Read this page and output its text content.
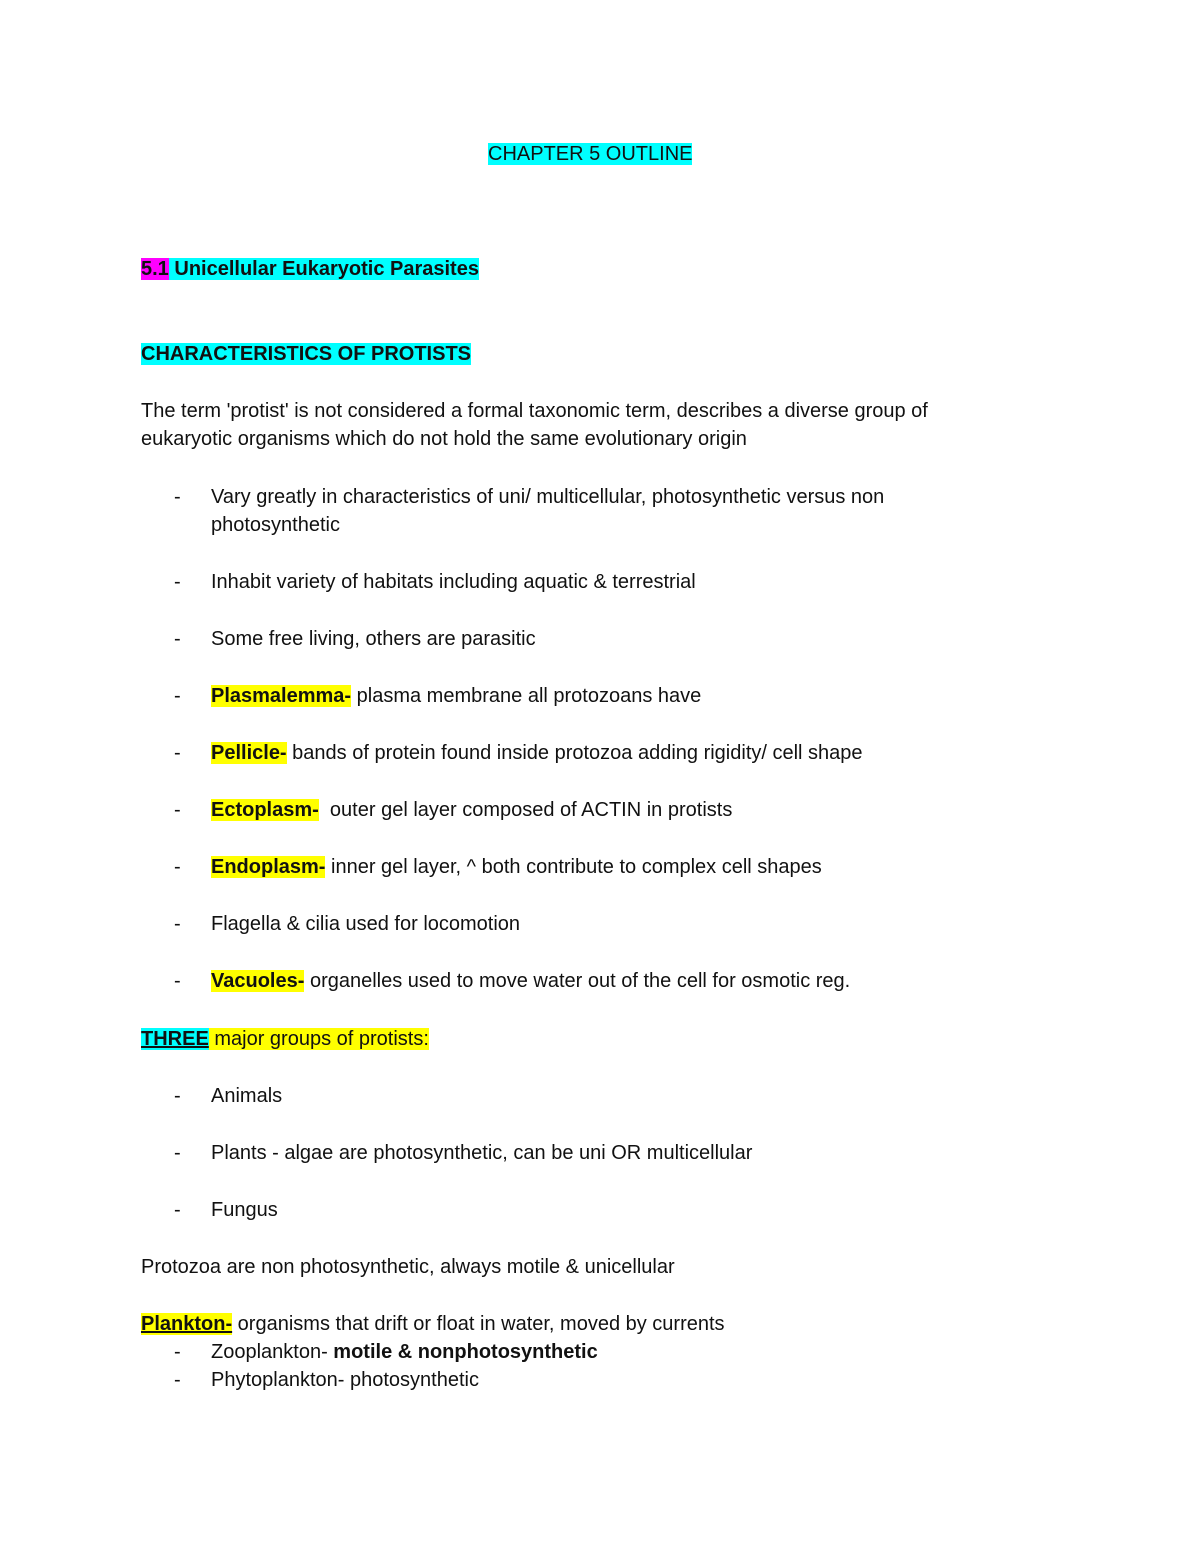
CHAPTER 5 OUTLINE
5.1 Unicellular Eukaryotic Parasites
CHARACTERISTICS OF PROTISTS
The term 'protist' is not considered a formal taxonomic term, describes a diverse group of
eukaryotic organisms which do not hold the same evolutionary origin
-	Vary greatly in characteristics of uni/ multicellular, photosynthetic versus non
photosynthetic
-	Inhabit variety of habitats including aquatic & terrestrial
-	Some free living, others are parasitic
-	Plasmalemma- plasma membrane all protozoans have
-	Pellicle- bands of protein found inside protozoa adding rigidity/ cell shape
-	Ectoplasm-  outer gel layer composed of ACTIN in protists
-	Endoplasm- inner gel layer, ^ both contribute to complex cell shapes
-	Flagella & cilia used for locomotion
-	Vacuoles- organelles used to move water out of the cell for osmotic reg.
THREE major groups of protists:
-	Animals
-	Plants - algae are photosynthetic, can be uni OR multicellular
-	Fungus
Protozoa are non photosynthetic, always motile & unicellular
Plankton- organisms that drift or float in water, moved by currents
-	Zooplankton- motile & nonphotosynthetic
-	Phytoplankton- photosynthetic
